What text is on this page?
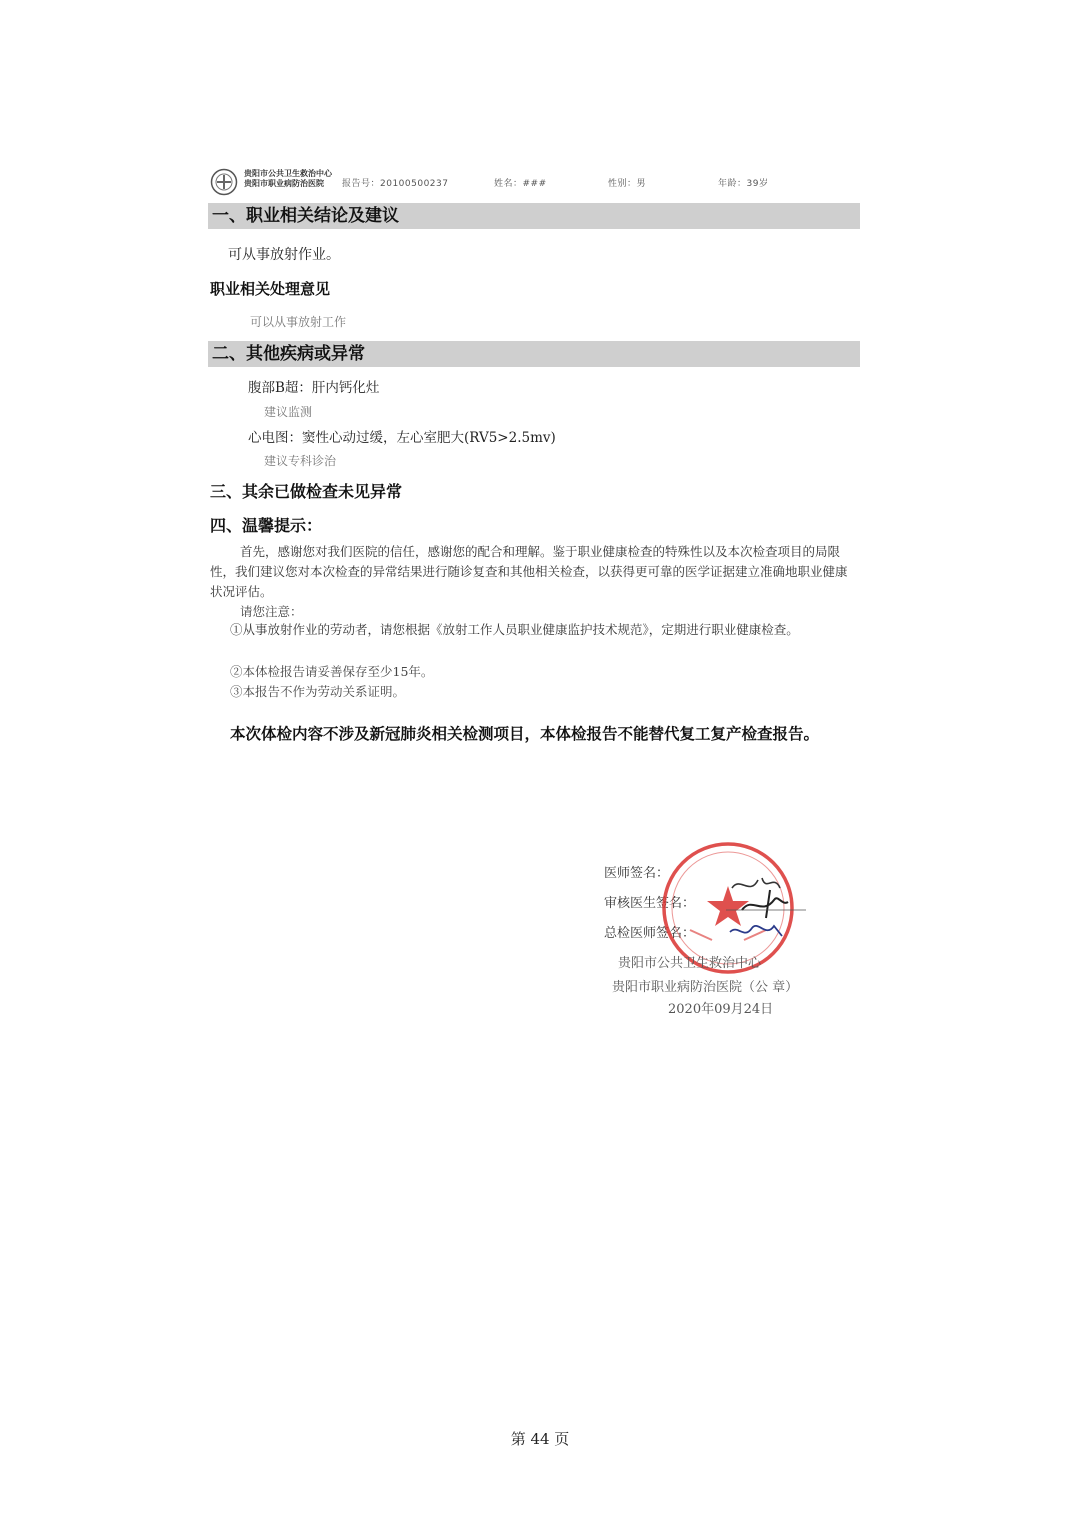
贵阳市公共卫生救治中心
贵阳市职业病防治医院	报告号：20100500237	姓名：###	性别：男	年龄：39岁
一、职业相关结论及建议
可从事放射作业。
职业相关处理意见
可以从事放射工作
二、其他疾病或异常
腹部B超：肝内钙化灶
建议监测
心电图：窦性心动过缓，左心室肥大(RV5>2.5mv)
建议专科诊治
三、其余已做检查未见异常
四、温馨提示：
首先，感谢您对我们医院的信任，感谢您的配合和理解。鉴于职业健康检查的特殊性以及本次检查项目的局限性，我们建议您对本次检查的异常结果进行随诊复查和其他相关检查，以获得更可靠的医学证据建立准确地职业健康状况评估。
请您注意：
①从事放射作业的劳动者，请您根据《放射工作人员职业健康监护技术规范》，定期进行职业健康检查。
②本体检报告请妥善保存至少15年。
③本报告不作为劳动关系证明。
本次体检内容不涉及新冠肺炎相关检测项目，本体检报告不能替代复工复产检查报告。
医师签名：
审核医生签名：
总检医师签名：
贵阳市公共卫生救治中心
贵阳市职业病防治医院（公 章）
2020年09月24日
第 44 页
